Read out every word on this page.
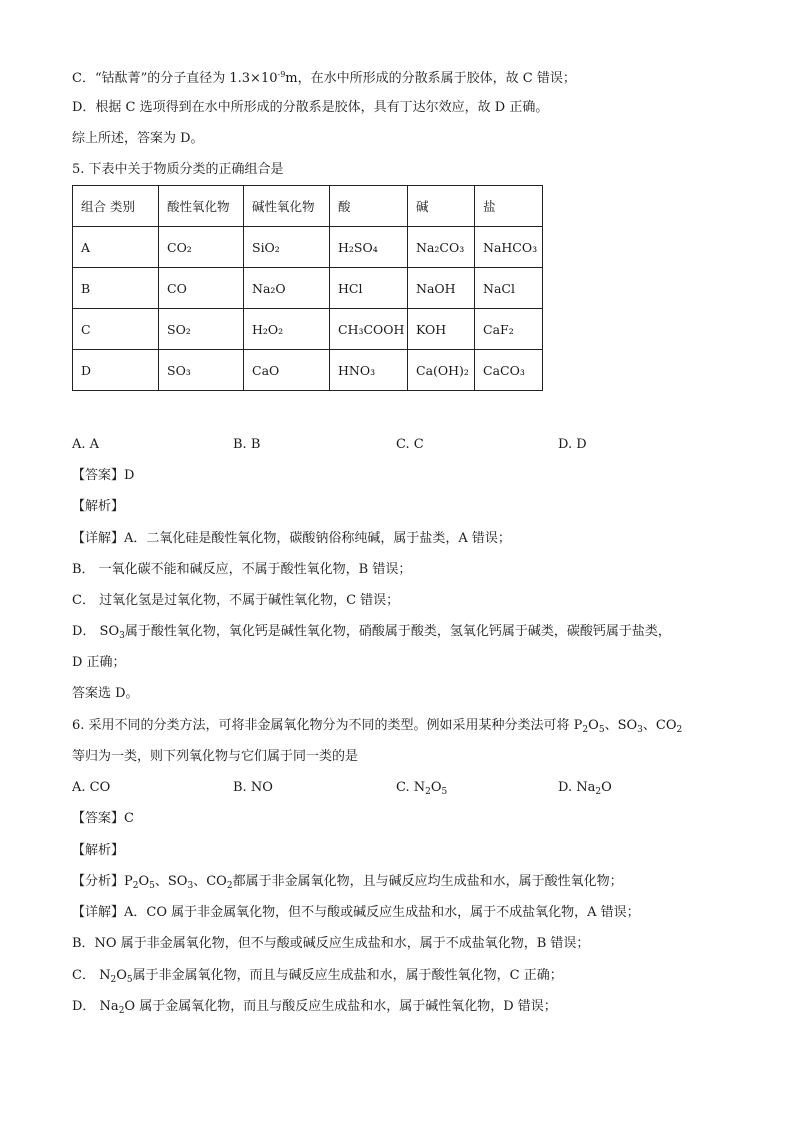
C．“钴酞菁”的分子直径为 $1.3\times 10^{-9}m$，在水中所形成的分散系属于胶体，故 C 错误；
D．根据 C 选项得到在水中所形成的分散系是胶体，具有丁达尔效应，故 D 正确。
综上所述，答案为 D。
5. 下表中关于物质分类的正确组合是
组合 类别	酸性氧化物	碱性氧化物	酸	碱	盐
A	CO₂	SiO₂	H₂SO₄	Na₂CO₃	NaHCO₃
B	CO	Na₂O	HCl	NaOH	NaCl
C	SO₂	H₂O₂	CH₃COOH	KOH	CaF₂
D	SO₃	CaO	HNO₃	Ca(OH)₂	CaCO₃
A. A	B. B	C. C	D. D
【答案】D
【解析】
【详解】A．二氧化硅是酸性氧化物，碳酸钠俗称纯碱，属于盐类，A 错误；
B． 一氧化碳不能和碱反应，不属于酸性氧化物，B 错误；
C． 过氧化氢是过氧化物，不属于碱性氧化物，C 错误；
D． $SO_3$属于酸性氧化物，氧化钙是碱性氧化物，硝酸属于酸类，氢氧化钙属于碱类，碳酸钙属于盐类，
D 正确；
答案选 D。
6. 采用不同的分类方法，可将非金属氧化物分为不同的类型。例如采用某种分类法可将 $P_2O_5$、$SO_3$、$CO_2$
等归为一类，则下列氧化物与它们属于同一类的是
A. CO	B. NO	C. $N_2O_5$	D. $Na_2O$
【答案】C
【解析】
【分析】$P_2O_5$、$SO_3$、$CO_2$都属于非金属氧化物，且与碱反应均生成盐和水，属于酸性氧化物；
【详解】A．CO 属于非金属氧化物，但不与酸或碱反应生成盐和水，属于不成盐氧化物，A 错误；
B．NO 属于非金属氧化物，但不与酸或碱反应生成盐和水，属于不成盐氧化物，B 错误；
C． $N_2O_5$属于非金属氧化物，而且与碱反应生成盐和水，属于酸性氧化物，C 正确；
D． $Na_2O$ 属于金属氧化物，而且与酸反应生成盐和水，属于碱性氧化物，D 错误；
